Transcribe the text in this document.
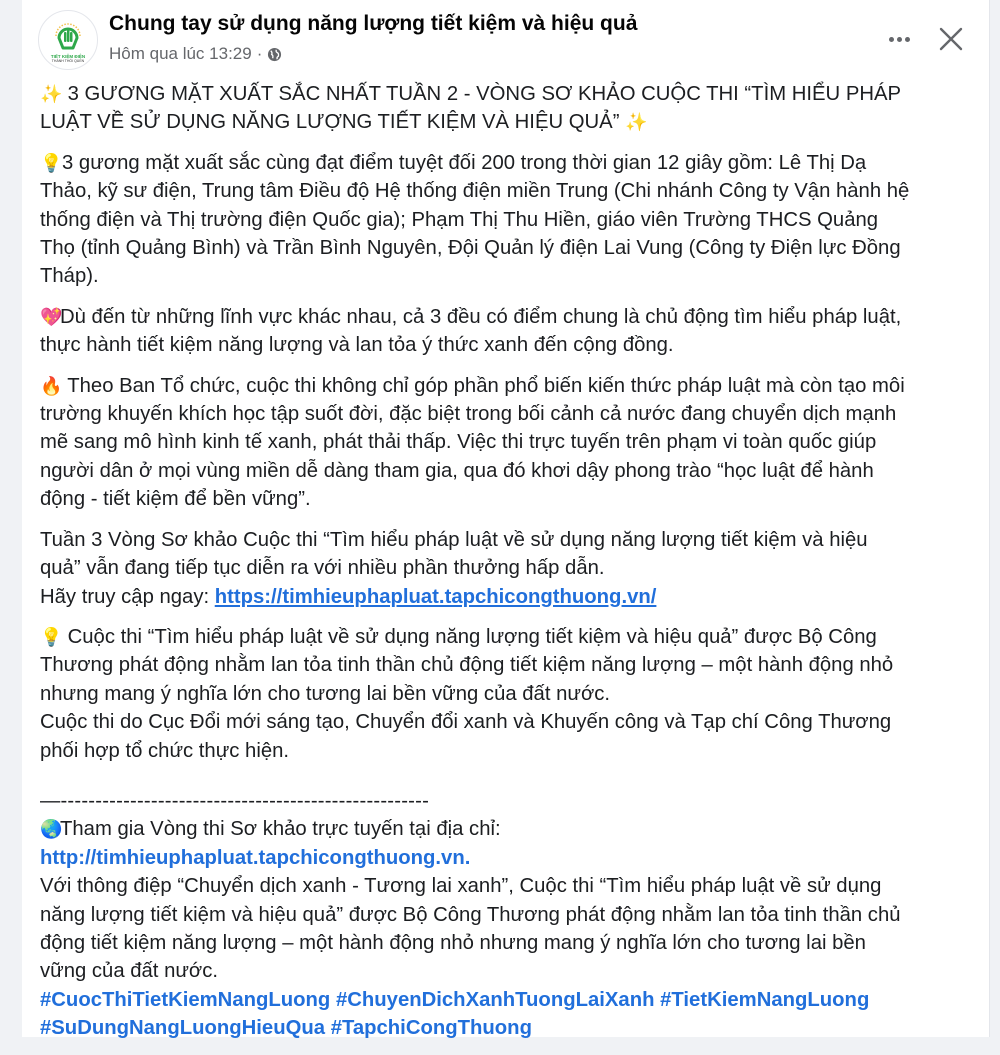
TIẾT KIỆM ĐIỆN
THÀNH THÓI QUEN
Chung tay sử dụng năng lượng tiết kiệm và hiệu quả
Hôm qua lúc 13:29 ·
✨ 3 GƯƠNG MẶT XUẤT SẮC NHẤT TUẦN 2 - VÒNG SƠ KHẢO CUỘC THI “TÌM HIỂU PHÁP
LUẬT VỀ SỬ DỤNG NĂNG LƯỢNG TIẾT KIỆM VÀ HIỆU QUẢ” ✨
💡3 gương mặt xuất sắc cùng đạt điểm tuyệt đối 200 trong thời gian 12 giây gồm: Lê Thị Dạ
Thảo, kỹ sư điện, Trung tâm Điều độ Hệ thống điện miền Trung (Chi nhánh Công ty Vận hành hệ
thống điện và Thị trường điện Quốc gia); Phạm Thị Thu Hiền, giáo viên Trường THCS Quảng
Thọ (tỉnh Quảng Bình) và Trần Bình Nguyên, Đội Quản lý điện Lai Vung (Công ty Điện lực Đồng
Tháp).
💖Dù đến từ những lĩnh vực khác nhau, cả 3 đều có điểm chung là chủ động tìm hiểu pháp luật,
thực hành tiết kiệm năng lượng và lan tỏa ý thức xanh đến cộng đồng.
🔥 Theo Ban Tổ chức, cuộc thi không chỉ góp phần phổ biến kiến thức pháp luật mà còn tạo môi
trường khuyến khích học tập suốt đời, đặc biệt trong bối cảnh cả nước đang chuyển dịch mạnh
mẽ sang mô hình kinh tế xanh, phát thải thấp. Việc thi trực tuyến trên phạm vi toàn quốc giúp
người dân ở mọi vùng miền dễ dàng tham gia, qua đó khơi dậy phong trào “học luật để hành
động - tiết kiệm để bền vững”.
Tuần 3 Vòng Sơ khảo Cuộc thi “Tìm hiểu pháp luật về sử dụng năng lượng tiết kiệm và hiệu
quả” vẫn đang tiếp tục diễn ra với nhiều phần thưởng hấp dẫn.
Hãy truy cập ngay: https://timhieuphapluat.tapchicongthuong.vn/
💡 Cuộc thi “Tìm hiểu pháp luật về sử dụng năng lượng tiết kiệm và hiệu quả” được Bộ Công
Thương phát động nhằm lan tỏa tinh thần chủ động tiết kiệm năng lượng – một hành động nhỏ
nhưng mang ý nghĩa lớn cho tương lai bền vững của đất nước.
Cuộc thi do Cục Đổi mới sáng tạo, Chuyển đổi xanh và Khuyến công và Tạp chí Công Thương
phối hợp tổ chức thực hiện.
—-----------------------------------------------------
🌏Tham gia Vòng thi Sơ khảo trực tuyến tại địa chỉ:
http://timhieuphapluat.tapchicongthuong.vn.
Với thông điệp “Chuyển dịch xanh - Tương lai xanh”, Cuộc thi “Tìm hiểu pháp luật về sử dụng
năng lượng tiết kiệm và hiệu quả” được Bộ Công Thương phát động nhằm lan tỏa tinh thần chủ
động tiết kiệm năng lượng – một hành động nhỏ nhưng mang ý nghĩa lớn cho tương lai bền
vững của đất nước.
#CuocThiTietKiemNangLuong #ChuyenDichXanhTuongLaiXanh #TietKiemNangLuong
#SuDungNangLuongHieuQua #TapchiCongThuong
